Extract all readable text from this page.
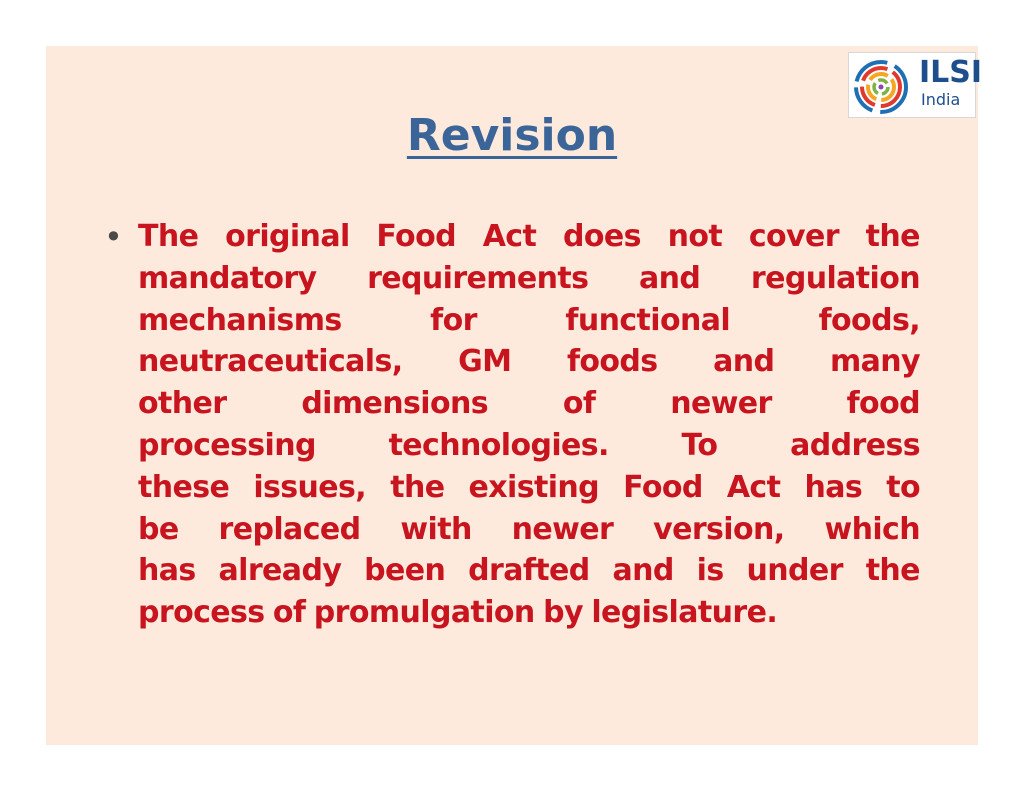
ILSI
India
Revision
• The original Food Act does not cover the
mandatory requirements and regulation
mechanisms	for	functional	foods,
neutraceuticals, GM foods and many
other dimensions of newer food
processing technologies. To address
these issues, the existing Food Act has to
be replaced with newer version, which
has already been drafted and is under the
process of promulgation by legislature.
